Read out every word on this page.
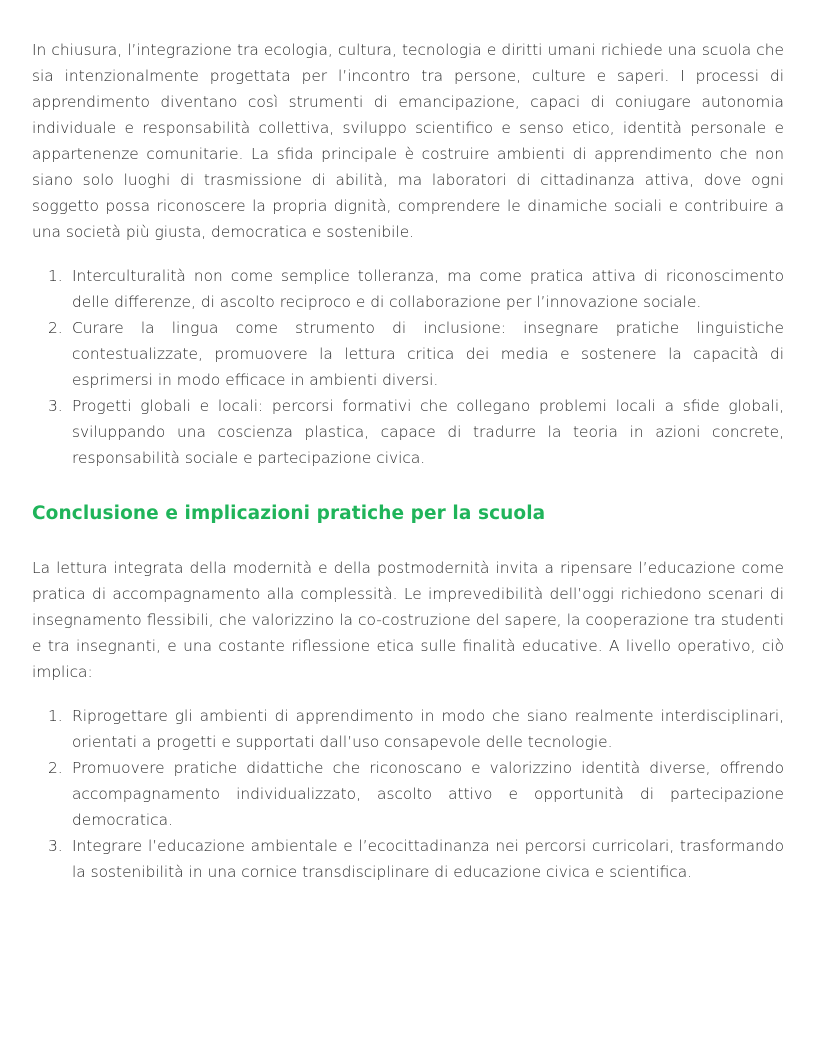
In chiusura, l’integrazione tra ecologia, cultura, tecnologia e diritti umani richiede una scuola che sia intenzionalmente progettata per l’incontro tra persone, culture e saperi. I processi di apprendimento diventano così strumenti di emancipazione, capaci di coniugare autonomia individuale e responsabilità collettiva, sviluppo scientifico e senso etico, identità personale e appartenenze comunitarie. La sfida principale è costruire ambienti di apprendimento che non siano solo luoghi di trasmissione di abilità, ma laboratori di cittadinanza attiva, dove ogni soggetto possa riconoscere la propria dignità, comprendere le dinamiche sociali e contribuire a una società più giusta, democratica e sostenibile.

1. Interculturalità non come semplice tolleranza, ma come pratica attiva di riconoscimento delle differenze, di ascolto reciproco e di collaborazione per l’innovazione sociale.
2. Curare la lingua come strumento di inclusione: insegnare pratiche linguistiche contestualizzate, promuovere la lettura critica dei media e sostenere la capacità di esprimersi in modo efficace in ambienti diversi.
3. Progetti globali e locali: percorsi formativi che collegano problemi locali a sfide globali, sviluppando una coscienza plastica, capace di tradurre la teoria in azioni concrete, responsabilità sociale e partecipazione civica.
Conclusione e implicazioni pratiche per la scuola

La lettura integrata della modernità e della postmodernità invita a ripensare l’educazione come pratica di accompagnamento alla complessità. Le imprevedibilità dell’oggi richiedono scenari di insegnamento flessibili, che valorizzino la co-costruzione del sapere, la cooperazione tra studenti e tra insegnanti, e una costante riflessione etica sulle finalità educative. A livello operativo, ciò implica:

1. Riprogettare gli ambienti di apprendimento in modo che siano realmente interdisciplinari, orientati a progetti e supportati dall’uso consapevole delle tecnologie.
2. Promuovere pratiche didattiche che riconoscano e valorizzino identità diverse, offrendo accompagnamento individualizzato, ascolto attivo e opportunità di partecipazione democratica.
3. Integrare l’educazione ambientale e l’ecocittadinanza nei percorsi curricolari, trasformando la sostenibilità in una cornice transdisciplinare di educazione civica e scientifica.
